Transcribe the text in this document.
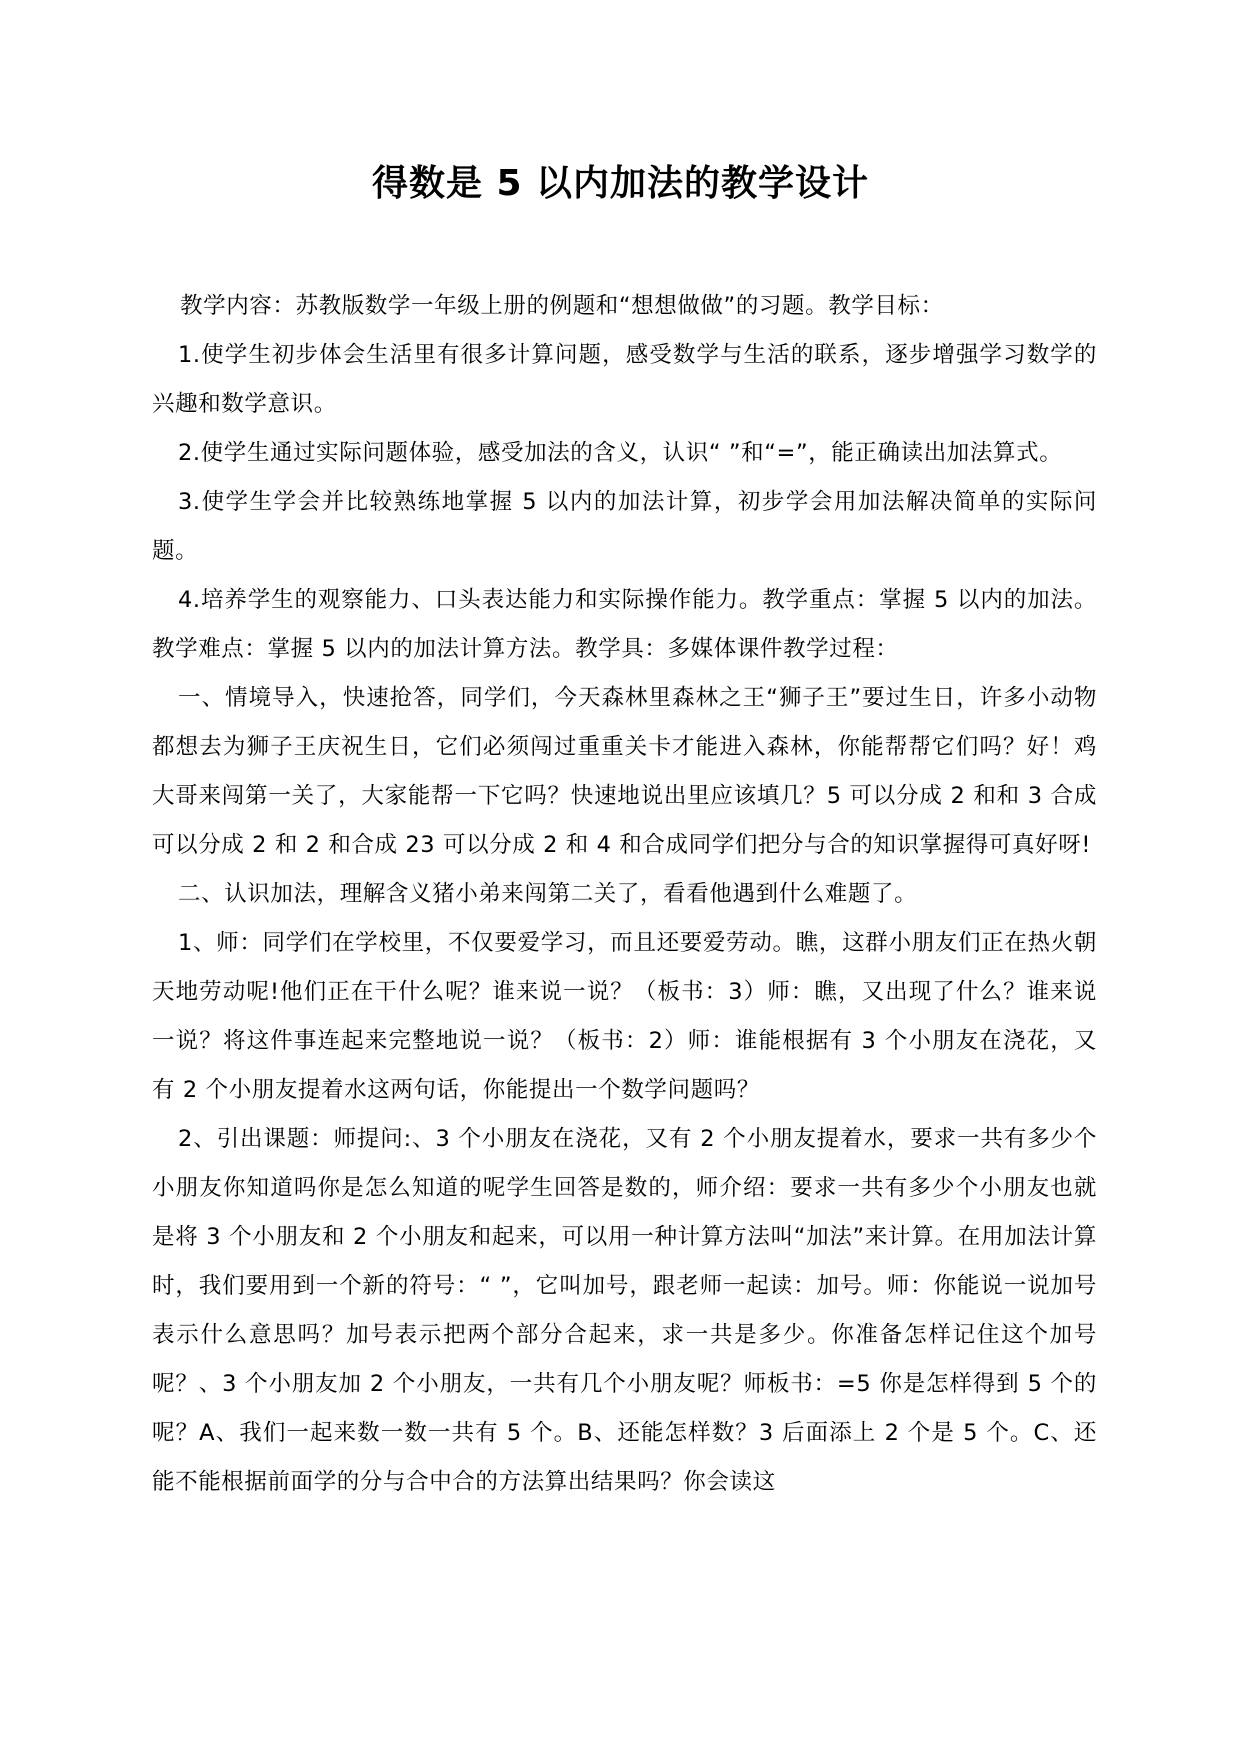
得数是 5 以内加法的教学设计

教学内容：苏教版数学一年级上册的例题和“想想做做”的习题。教学目标：

1.使学生初步体会生活里有很多计算问题，感受数学与生活的联系，逐步增强学习数学的兴趣和数学意识。

2.使学生通过实际问题体验，感受加法的含义，认识“ ”和“=”，能正确读出加法算式。

3.使学生学会并比较熟练地掌握 5 以内的加法计算，初步学会用加法解决简单的实际问题。

4.培养学生的观察能力、口头表达能力和实际操作能力。教学重点：掌握 5 以内的加法。教学难点：掌握 5 以内的加法计算方法。教学具：多媒体课件教学过程：

一、情境导入，快速抢答，同学们，今天森林里森林之王“狮子王”要过生日，许多小动物都想去为狮子王庆祝生日，它们必须闯过重重关卡才能进入森林，你能帮帮它们吗？好！鸡大哥来闯第一关了，大家能帮一下它吗？快速地说出里应该填几？5 可以分成 2 和和 3 合成可以分成 2 和 2 和合成 23 可以分成 2 和 4 和合成同学们把分与合的知识掌握得可真好呀!

二、认识加法，理解含义猪小弟来闯第二关了，看看他遇到什么难题了。

1、师：同学们在学校里，不仅要爱学习，而且还要爱劳动。瞧，这群小朋友们正在热火朝天地劳动呢!他们正在干什么呢？谁来说一说？（板书：3）师：瞧，又出现了什么？谁来说一说？将这件事连起来完整地说一说？（板书：2）师：谁能根据有 3 个小朋友在浇花，又有 2 个小朋友提着水这两句话，你能提出一个数学问题吗？

2、引出课题：师提问:、3 个小朋友在浇花，又有 2 个小朋友提着水，要求一共有多少个小朋友你知道吗你是怎么知道的呢学生回答是数的，师介绍：要求一共有多少个小朋友也就是将 3 个小朋友和 2 个小朋友和起来，可以用一种计算方法叫“加法”来计算。在用加法计算时，我们要用到一个新的符号：“ ”，它叫加号，跟老师一起读：加号。师：你能说一说加号表示什么意思吗？加号表示把两个部分合起来，求一共是多少。你准备怎样记住这个加号呢？、3 个小朋友加 2 个小朋友，一共有几个小朋友呢？师板书：=5 你是怎样得到 5 个的呢？A、我们一起来数一数一共有 5 个。B、还能怎样数？3 后面添上 2 个是 5 个。C、还能不能根据前面学的分与合中合的方法算出结果吗？你会读这
